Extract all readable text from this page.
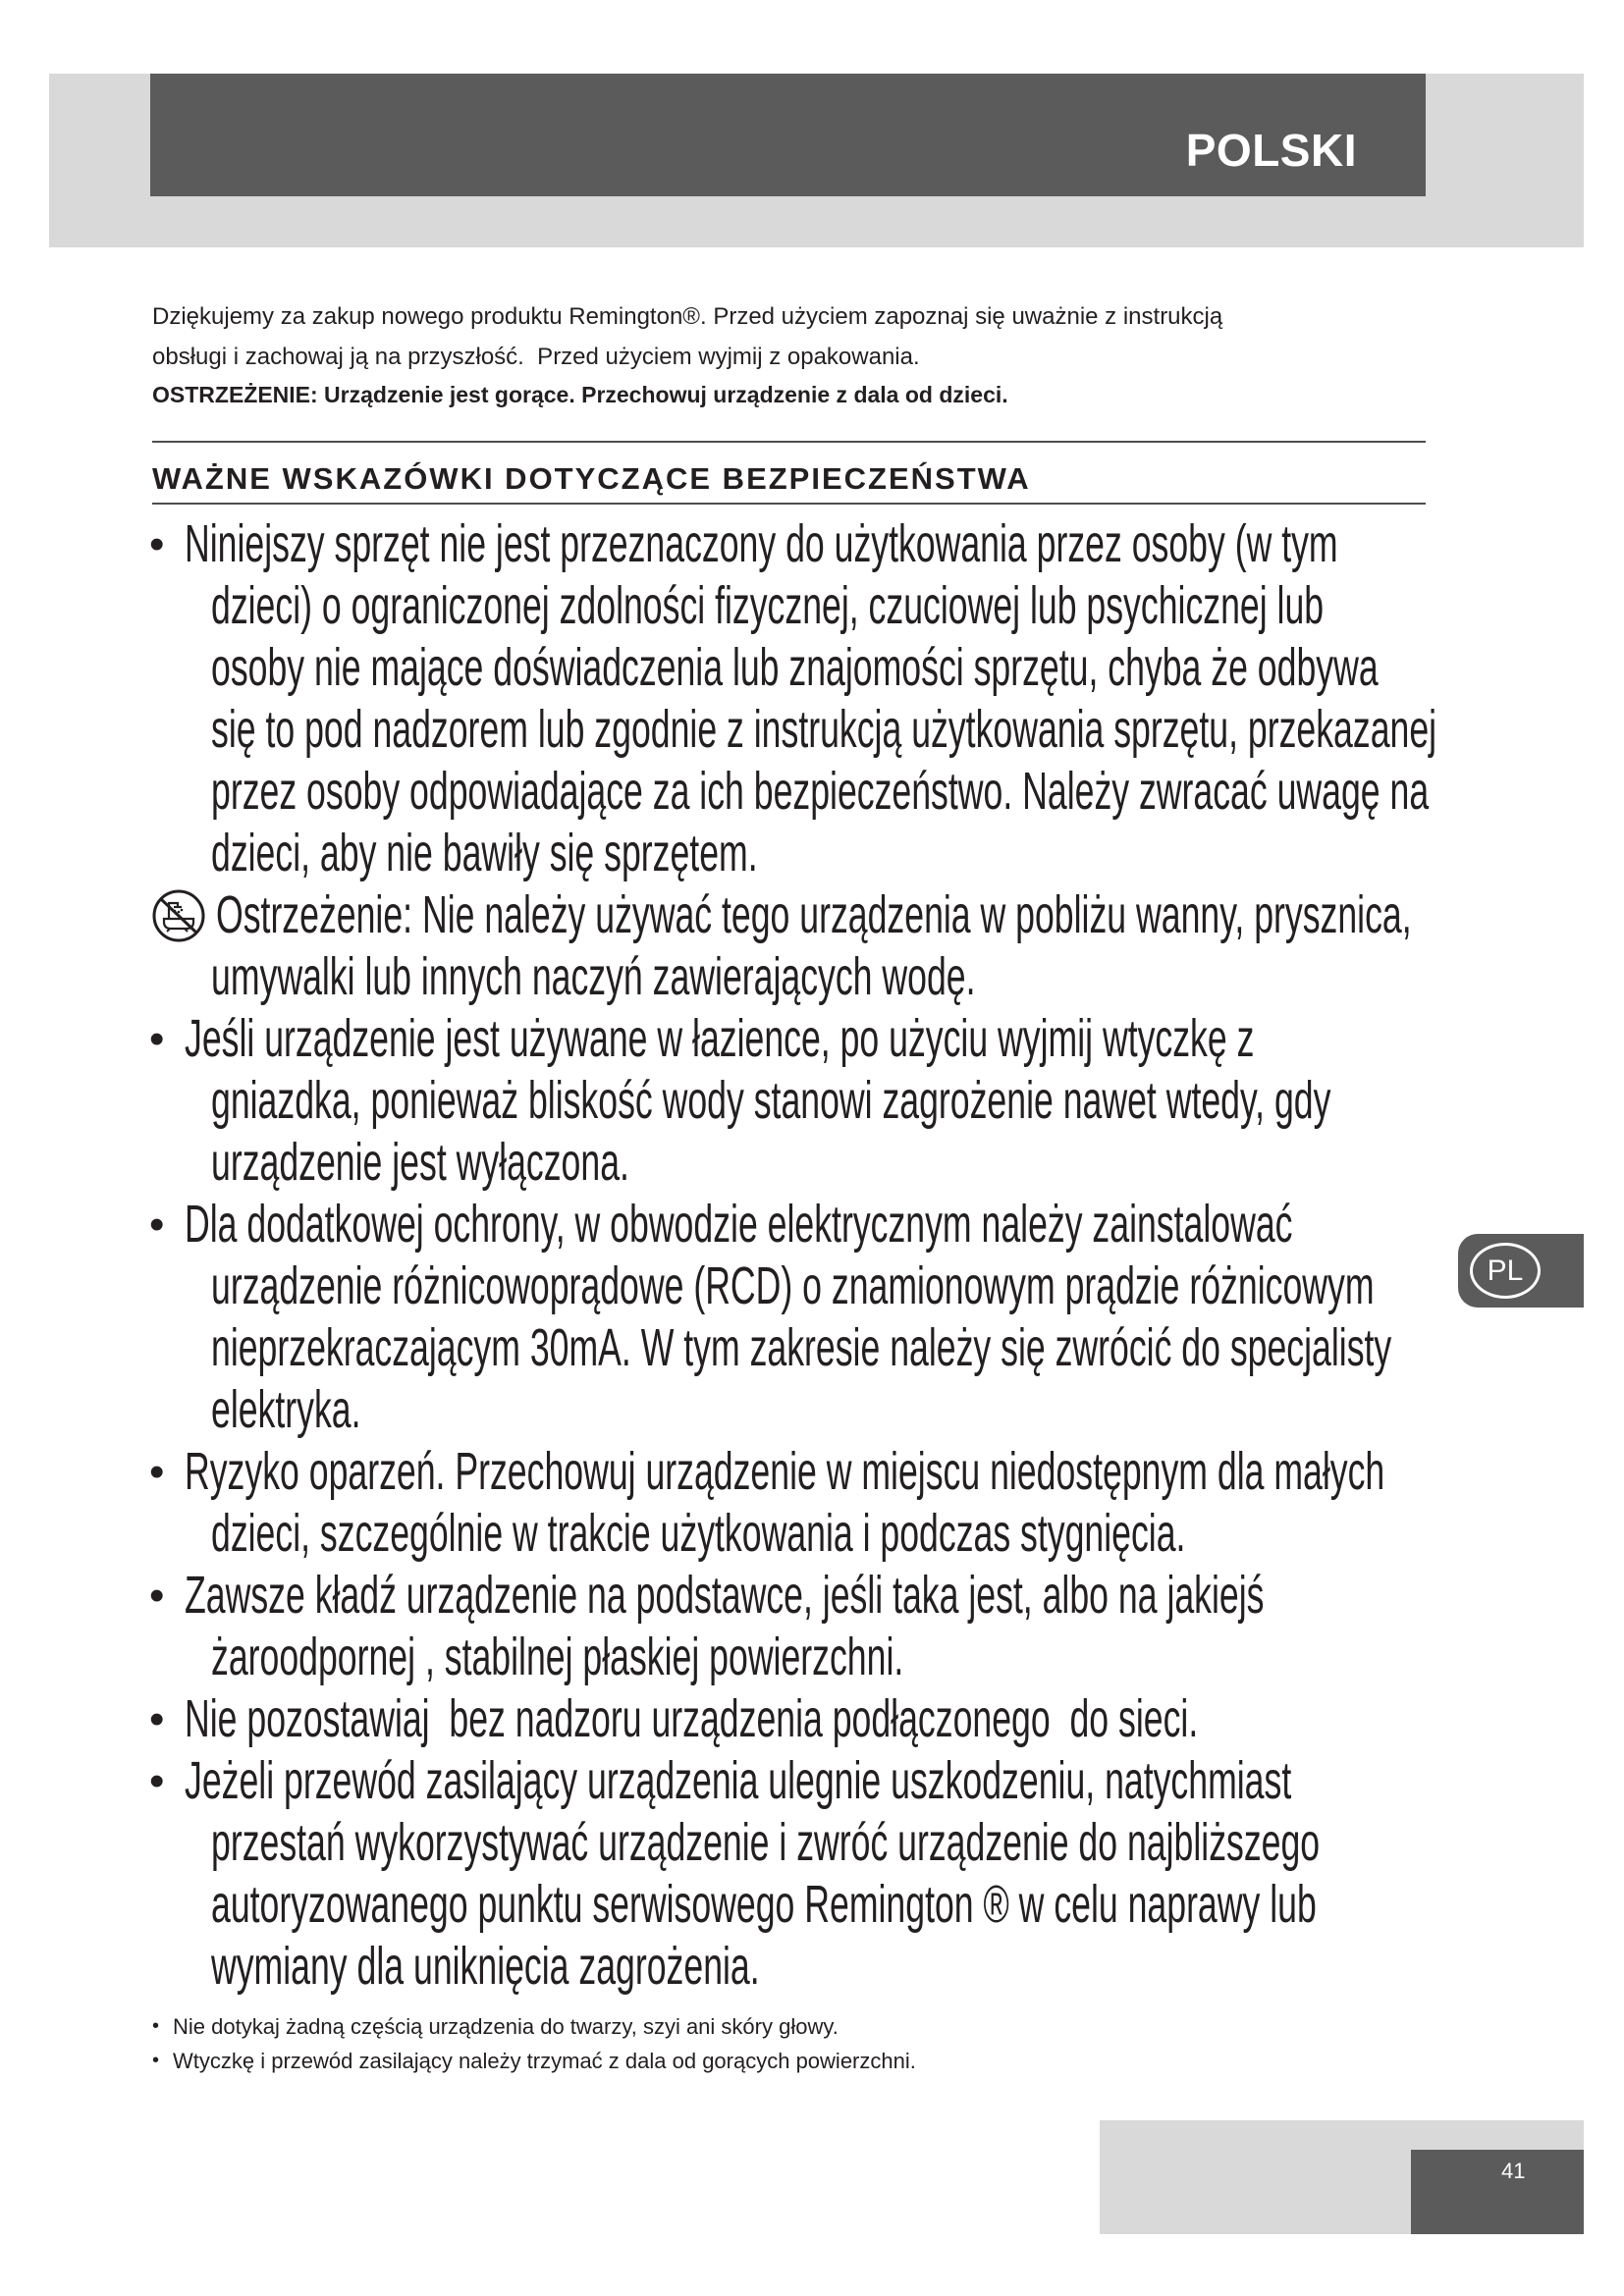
POLSKI
Dziękujemy za zakup nowego produktu Remington®. Przed użyciem zapoznaj się uważnie z instrukcją
obsługi i zachowaj ją na przyszłość.  Przed użyciem wyjmij z opakowania.
OSTRZEŻENIE: Urządzenie jest gorące. Przechowuj urządzenie z dala od dzieci.
WAŻNE WSKAZÓWKI DOTYCZĄCE BEZPIECZEŃSTWA
• Niniejszy sprzęt nie jest przeznaczony do użytkowania przez osoby (w tym
dzieci) o ograniczonej zdolności fizycznej, czuciowej lub psychicznej lub
osoby nie mające doświadczenia lub znajomości sprzętu, chyba że odbywa
się to pod nadzorem lub zgodnie z instrukcją użytkowania sprzętu, przekazanej
przez osoby odpowiadające za ich bezpieczeństwo. Należy zwracać uwagę na
dzieci, aby nie bawiły się sprzętem.
Ostrzeżenie: Nie należy używać tego urządzenia w pobliżu wanny, prysznica,
umywalki lub innych naczyń zawierających wodę.
• Jeśli urządzenie jest używane w łazience, po użyciu wyjmij wtyczkę z
gniazdka, ponieważ bliskość wody stanowi zagrożenie nawet wtedy, gdy
urządzenie jest wyłączona.
• Dla dodatkowej ochrony, w obwodzie elektrycznym należy zainstalować
urządzenie różnicowoprądowe (RCD) o znamionowym prądzie różnicowym
nieprzekraczającym 30mA. W tym zakresie należy się zwrócić do specjalisty
elektryka.
• Ryzyko oparzeń. Przechowuj urządzenie w miejscu niedostępnym dla małych
dzieci, szczególnie w trakcie użytkowania i podczas stygnięcia.
• Zawsze kładź urządzenie na podstawce, jeśli taka jest, albo na jakiejś
żaroodpornej , stabilnej płaskiej powierzchni.
• Nie pozostawiaj  bez nadzoru urządzenia podłączonego  do sieci.
• Jeżeli przewód zasilający urządzenia ulegnie uszkodzeniu, natychmiast
przestań wykorzystywać urządzenie i zwróć urządzenie do najbliższego
autoryzowanego punktu serwisowego Remington ® w celu naprawy lub
wymiany dla uniknięcia zagrożenia.
• Nie dotykaj żadną częścią urządzenia do twarzy, szyi ani skóry głowy.
• Wtyczkę i przewód zasilający należy trzymać z dala od gorących powierzchni.
PL
41
